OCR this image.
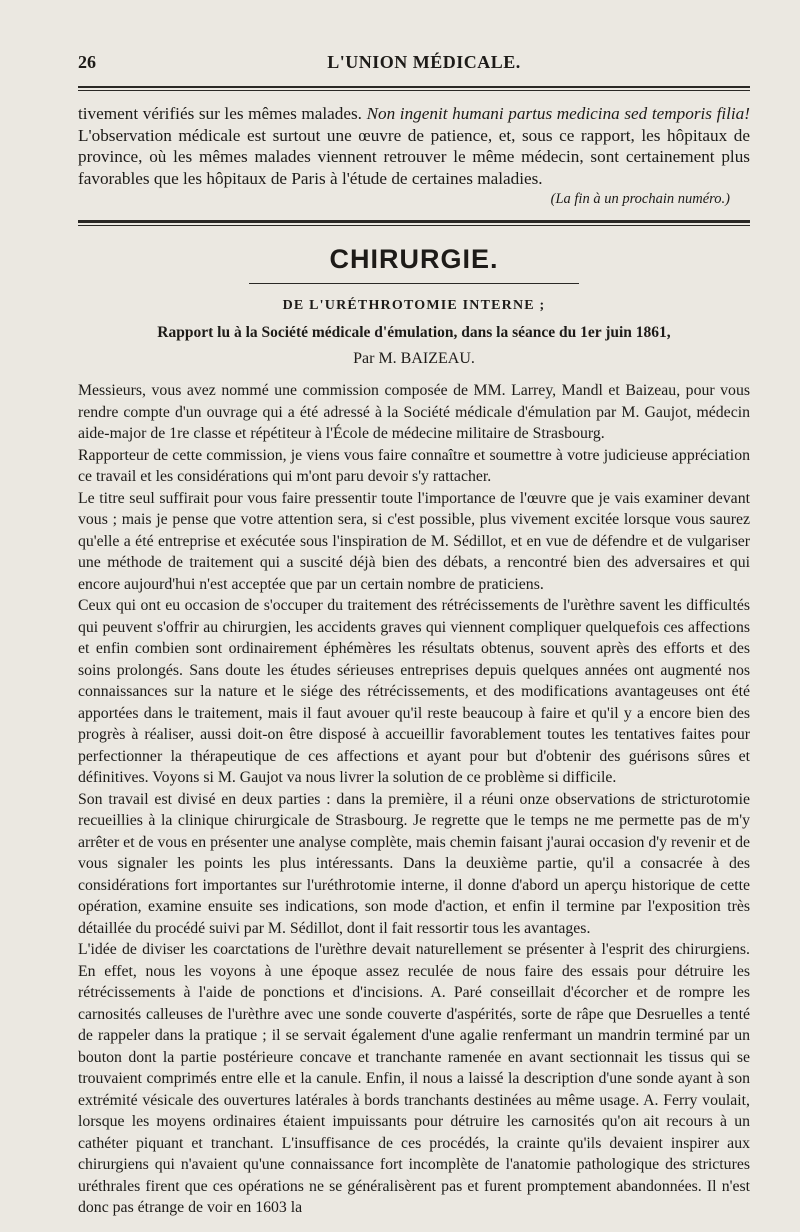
26	L'UNION MÉDICALE.

tivement vérifiés sur les mêmes malades. Non ingenit humani partus medicina sed temporis filia! L'observation médicale est surtout une œuvre de patience, et, sous ce rapport, les hôpitaux de province, où les mêmes malades viennent retrouver le même médecin, sont certainement plus favorables que les hôpitaux de Paris à l'étude de certaines maladies.

(La fin à un prochain numéro.)
CHIRURGIE.
DE L'URÉTHROTOMIE INTERNE ;
Rapport lu à la Société médicale d'émulation, dans la séance du 1er juin 1861,
Par M. BAIZEAU.

Messieurs, vous avez nommé une commission composée de MM. Larrey, Mandl et Baizeau, pour vous rendre compte d'un ouvrage qui a été adressé à la Société médicale d'émulation par M. Gaujot, médecin aide-major de 1re classe et répétiteur à l'École de médecine militaire de Strasbourg.

Rapporteur de cette commission, je viens vous faire connaître et soumettre à votre judicieuse appréciation ce travail et les considérations qui m'ont paru devoir s'y rattacher.

Le titre seul suffirait pour vous faire pressentir toute l'importance de l'œuvre que je vais examiner devant vous ; mais je pense que votre attention sera, si c'est possible, plus vivement excitée lorsque vous saurez qu'elle a été entreprise et exécutée sous l'inspiration de M. Sédillot, et en vue de défendre et de vulgariser une méthode de traitement qui a suscité déjà bien des débats, a rencontré bien des adversaires et qui encore aujourd'hui n'est acceptée que par un certain nombre de praticiens.

Ceux qui ont eu occasion de s'occuper du traitement des rétrécissements de l'urèthre savent les difficultés qui peuvent s'offrir au chirurgien, les accidents graves qui viennent compliquer quelquefois ces affections et enfin combien sont ordinairement éphémères les résultats obtenus, souvent après des efforts et des soins prolongés. Sans doute les études sérieuses entreprises depuis quelques années ont augmenté nos connaissances sur la nature et le siége des rétrécissements, et des modifications avantageuses ont été apportées dans le traitement, mais il faut avouer qu'il reste beaucoup à faire et qu'il y a encore bien des progrès à réaliser, aussi doit-on être disposé à accueillir favorablement toutes les tentatives faites pour perfectionner la thérapeutique de ces affections et ayant pour but d'obtenir des guérisons sûres et définitives. Voyons si M. Gaujot va nous livrer la solution de ce problème si difficile.

Son travail est divisé en deux parties : dans la première, il a réuni onze observations de stricturotomie recueillies à la clinique chirurgicale de Strasbourg. Je regrette que le temps ne me permette pas de m'y arrêter et de vous en présenter une analyse complète, mais chemin faisant j'aurai occasion d'y revenir et de vous signaler les points les plus intéressants. Dans la deuxième partie, qu'il a consacrée à des considérations fort importantes sur l'uréthrotomie interne, il donne d'abord un aperçu historique de cette opération, examine ensuite ses indications, son mode d'action, et enfin il termine par l'exposition très détaillée du procédé suivi par M. Sédillot, dont il fait ressortir tous les avantages.

L'idée de diviser les coarctations de l'urèthre devait naturellement se présenter à l'esprit des chirurgiens. En effet, nous les voyons à une époque assez reculée de nous faire des essais pour détruire les rétrécissements à l'aide de ponctions et d'incisions. A. Paré conseillait d'écorcher et de rompre les carnosités calleuses de l'urèthre avec une sonde couverte d'aspérités, sorte de râpe que Desruelles a tenté de rappeler dans la pratique ; il se servait également d'une agalie renfermant un mandrin terminé par un bouton dont la partie postérieure concave et tranchante ramenée en avant sectionnait les tissus qui se trouvaient comprimés entre elle et la canule. Enfin, il nous a laissé la description d'une sonde ayant à son extrémité vésicale des ouvertures latérales à bords tranchants destinées au même usage. A. Ferry voulait, lorsque les moyens ordinaires étaient impuissants pour détruire les carnosités qu'on ait recours à un cathéter piquant et tranchant. L'insuffisance de ces procédés, la crainte qu'ils devaient inspirer aux chirurgiens qui n'avaient qu'une connaissance fort incomplète de l'anatomie pathologique des strictures uréthrales firent que ces opérations ne se généralisèrent pas et furent promptement abandonnées. Il n'est donc pas étrange de voir en 1603 la
